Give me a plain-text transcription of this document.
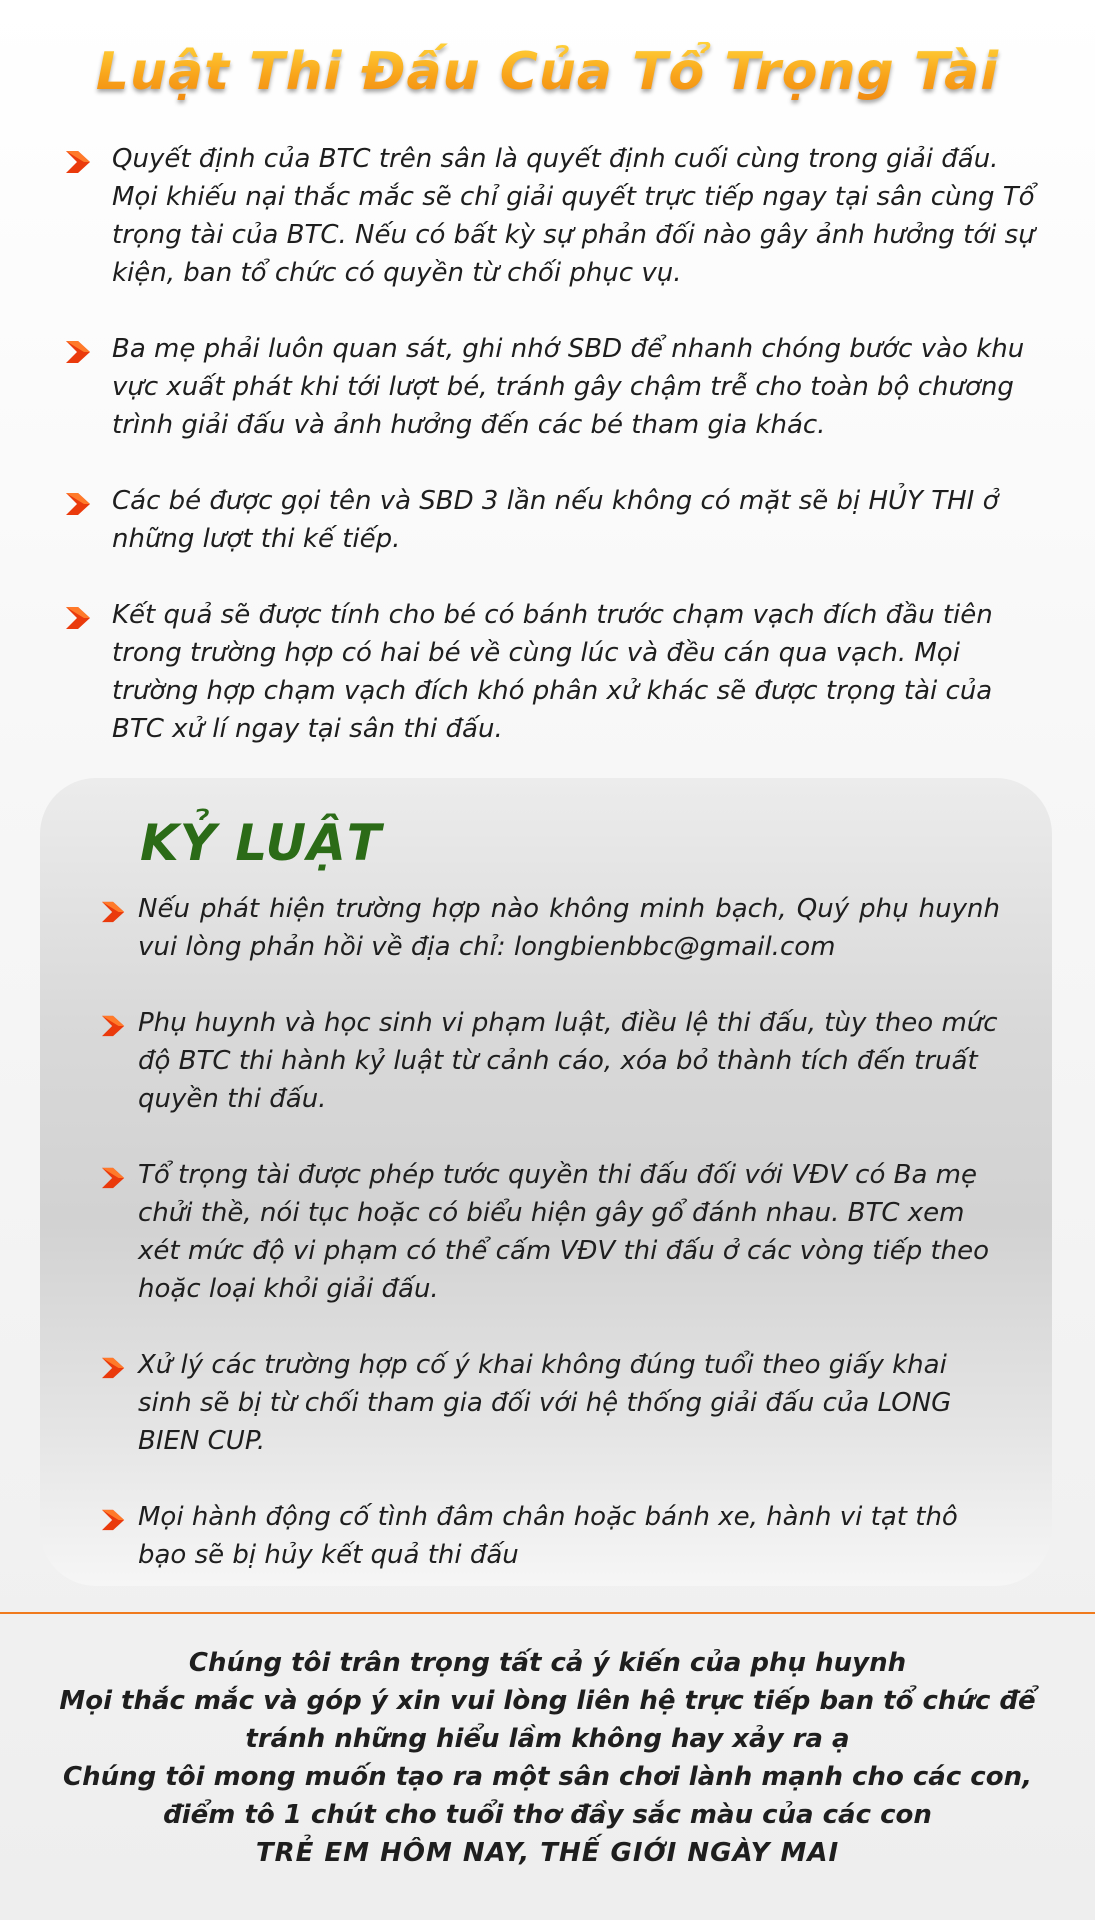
Luật Thi Đấu Của Tổ Trọng Tài
Quyết định của BTC trên sân là quyết định cuối cùng trong giải đấu. Mọi khiếu nại thắc mắc sẽ chỉ giải quyết trực tiếp ngay tại sân cùng Tổ trọng tài của BTC. Nếu có bất kỳ sự phản đối nào gây ảnh hưởng tới sự kiện, ban tổ chức có quyền từ chối phục vụ.
Ba mẹ phải luôn quan sát, ghi nhớ SBD để nhanh chóng bước vào khu vực xuất phát khi tới lượt bé, tránh gây chậm trễ cho toàn bộ chương trình giải đấu và ảnh hưởng đến các bé tham gia khác.
Các bé được gọi tên và SBD 3 lần nếu không có mặt sẽ bị HỦY THI ở những lượt thi kế tiếp.
Kết quả sẽ được tính cho bé có bánh trước chạm vạch đích đầu tiên trong trường hợp có hai bé về cùng lúc và đều cán qua vạch. Mọi trường hợp chạm vạch đích khó phân xử khác sẽ được trọng tài của BTC xử lí ngay tại sân thi đấu.
KỶ LUẬT
Nếu phát hiện trường hợp nào không minh bạch, Quý phụ huynh vui lòng phản hồi về địa chỉ: longbienbbc@gmail.com
Phụ huynh và học sinh vi phạm luật, điều lệ thi đấu, tùy theo mức độ BTC thi hành kỷ luật từ cảnh cáo, xóa bỏ thành tích đến truất quyền thi đấu.
Tổ trọng tài được phép tước quyền thi đấu đối với VĐV có Ba mẹ chửi thề, nói tục hoặc có biểu hiện gây gổ đánh nhau. BTC xem xét mức độ vi phạm có thể cấm VĐV thi đấu ở các vòng tiếp theo hoặc loại khỏi giải đấu.
Xử lý các trường hợp cố ý khai không đúng tuổi theo giấy khai sinh sẽ bị từ chối tham gia đối với hệ thống giải đấu của LONG BIEN CUP.
Mọi hành động cố tình đâm chân hoặc bánh xe, hành vi tạt thô bạo sẽ bị hủy kết quả thi đấu
Chúng tôi trân trọng tất cả ý kiến của phụ huynh
Mọi thắc mắc và góp ý xin vui lòng liên hệ trực tiếp ban tổ chức để
tránh những hiểu lầm không hay xảy ra ạ
Chúng tôi mong muốn tạo ra một sân chơi lành mạnh cho các con,
điểm tô 1 chút cho tuổi thơ đầy sắc màu của các con
TRẺ EM HÔM NAY, THẾ GIỚI NGÀY MAI
